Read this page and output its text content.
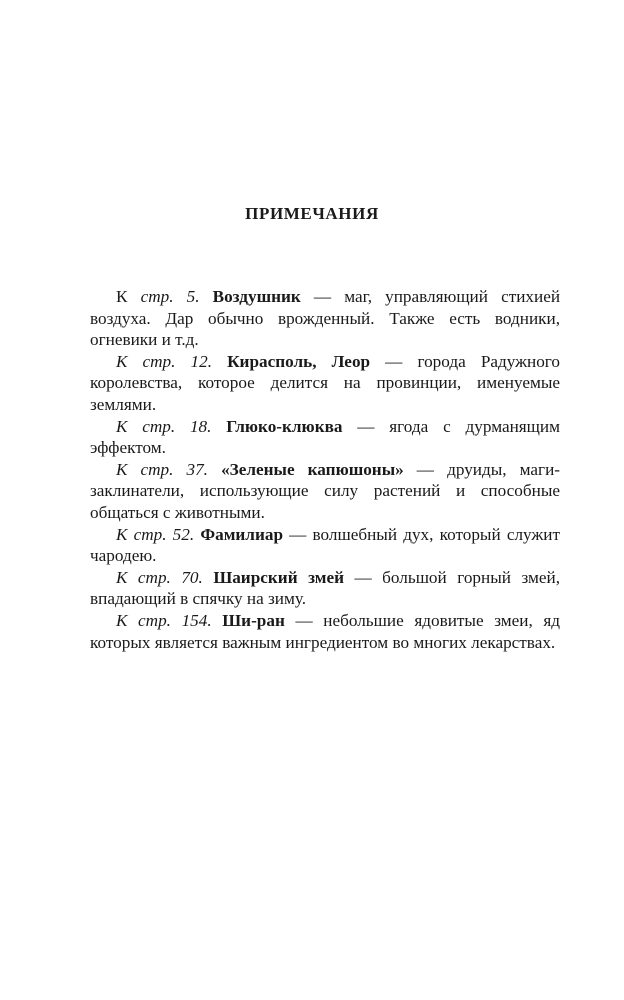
ПРИМЕЧАНИЯ

К стр. 5. Воздушник — маг, управляющий стихией воздуха. Дар обычно врожденный. Также есть водники, огневики и т.д.

К стр. 12. Кирасполь, Леор — города Радужного королевства, которое делится на провинции, именуемые землями.

К стр. 18. Глюко-клюква — ягода с дурманящим эффектом.

К стр. 37. «Зеленые капюшоны» — друиды, маги-заклинатели, использующие силу растений и способные общаться с животными.

К стр. 52. Фамилиар — волшебный дух, который служит чародею.

К стр. 70. Шаирский змей — большой горный змей, впадающий в спячку на зиму.

К стр. 154. Ши-ран — небольшие ядовитые змеи, яд которых является важным ингредиентом во многих лекарствах.
